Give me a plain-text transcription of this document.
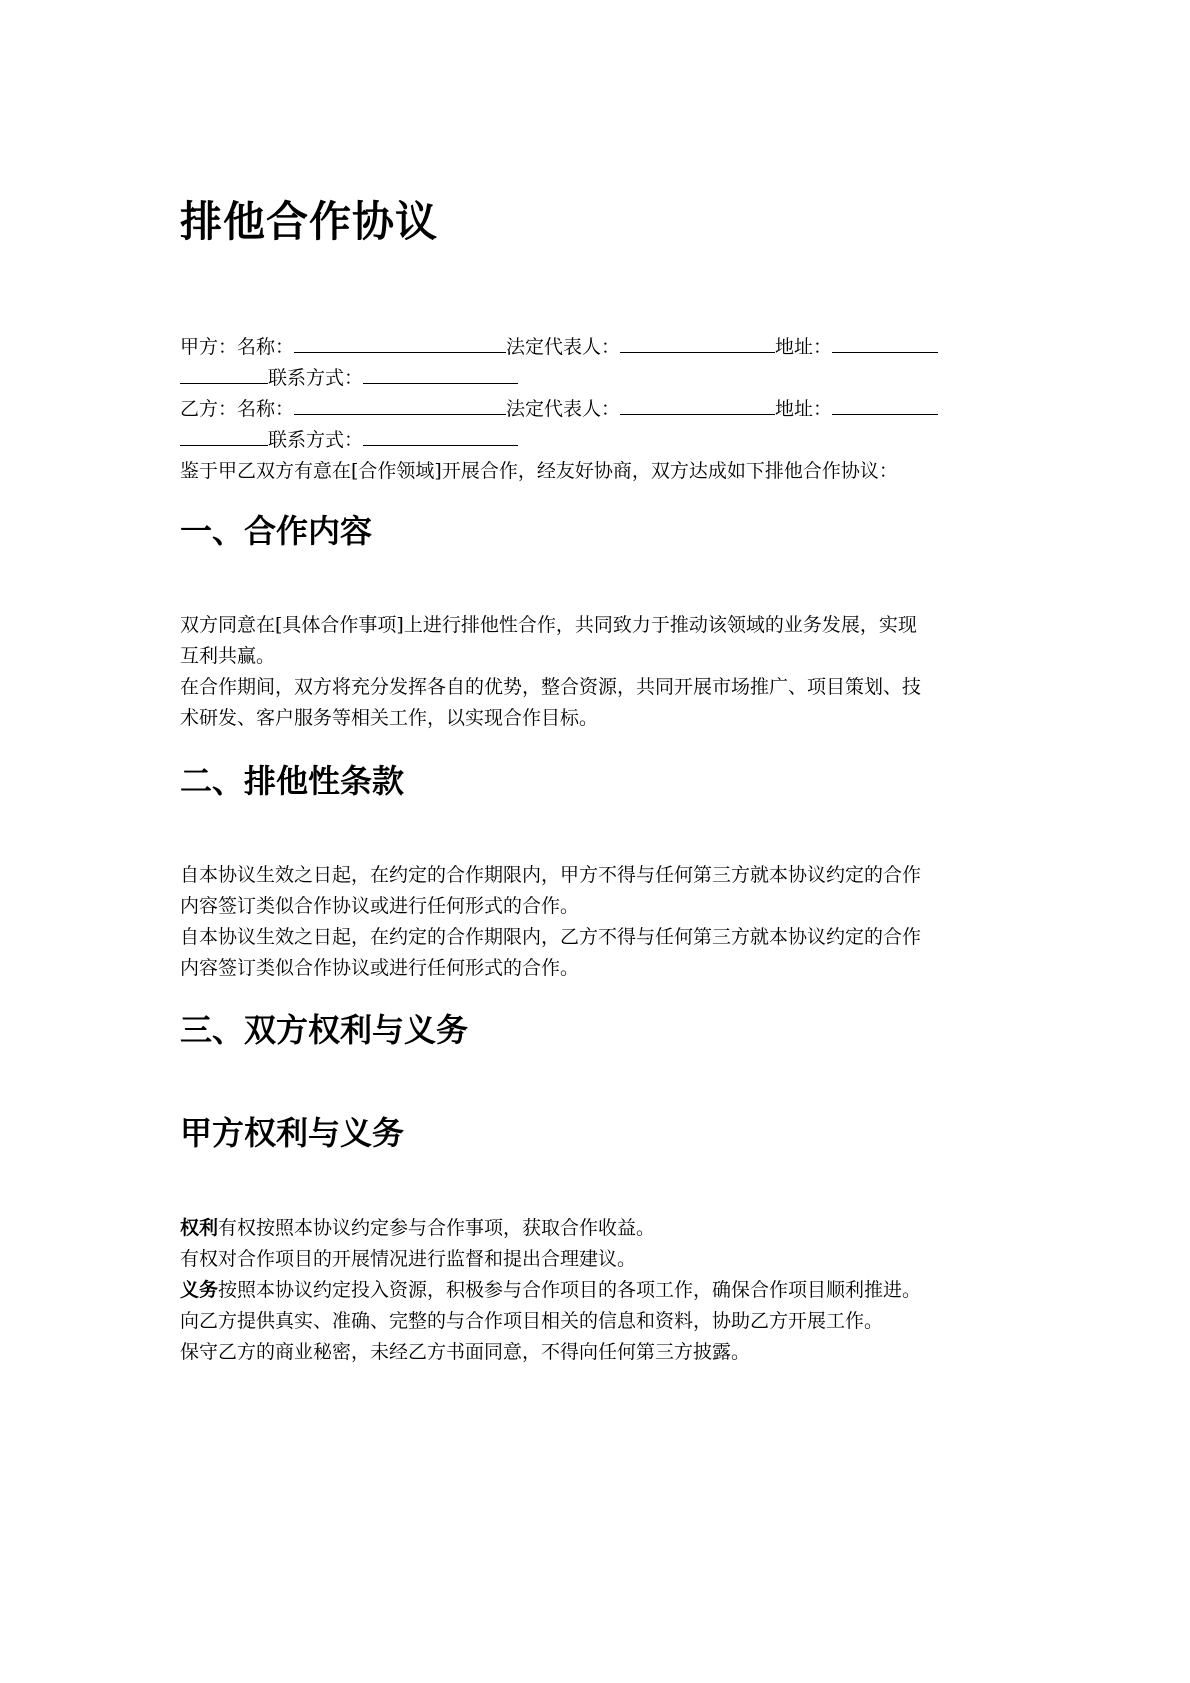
排他合作协议
甲方：名称：	法定代表人：	地址：
联系方式：
乙方：名称：	法定代表人：	地址：
联系方式：
鉴于甲乙双方有意在[合作领域]开展合作，经友好协商，双方达成如下排他合作协议：
一、合作内容
双方同意在[具体合作事项]上进行排他性合作，共同致力于推动该领域的业务发展，实现
互利共赢。
在合作期间，双方将充分发挥各自的优势，整合资源，共同开展市场推广、项目策划、技
术研发、客户服务等相关工作，以实现合作目标。
二、排他性条款
自本协议生效之日起，在约定的合作期限内，甲方不得与任何第三方就本协议约定的合作
内容签订类似合作协议或进行任何形式的合作。
自本协议生效之日起，在约定的合作期限内，乙方不得与任何第三方就本协议约定的合作
内容签订类似合作协议或进行任何形式的合作。
三、双方权利与义务
甲方权利与义务
权利有权按照本协议约定参与合作事项，获取合作收益。
有权对合作项目的开展情况进行监督和提出合理建议。
义务按照本协议约定投入资源，积极参与合作项目的各项工作，确保合作项目顺利推进。
向乙方提供真实、准确、完整的与合作项目相关的信息和资料，协助乙方开展工作。
保守乙方的商业秘密，未经乙方书面同意，不得向任何第三方披露。
